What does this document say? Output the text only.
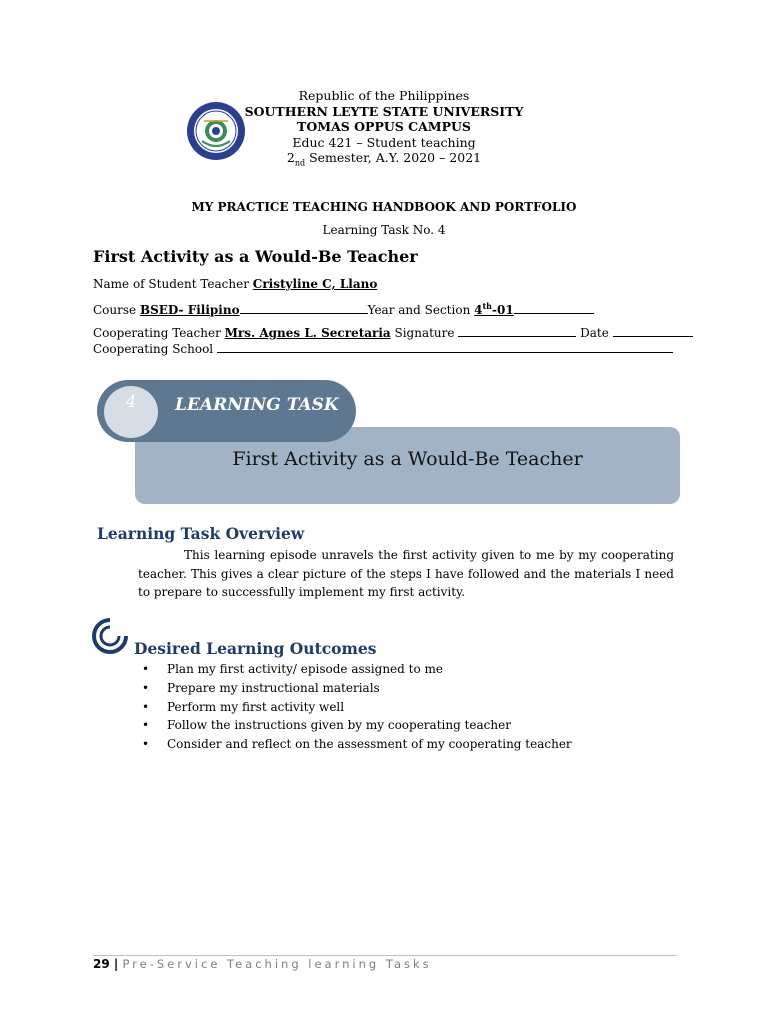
Republic of the Philippines
SOUTHERN LEYTE STATE UNIVERSITY
TOMAS OPPUS CAMPUS
Educ 421 – Student teaching
$2_{nd}$ Semester, A.Y. 2020 – 2021
MY PRACTICE TEACHING HANDBOOK AND PORTFOLIO
Learning Task No. 4
First Activity as a Would-Be Teacher
Name of Student Teacher Cristyline C, Llano
Course BSED- Filipino	Year and Section 4th-01
Cooperating Teacher Mrs. Agnes L. Secretaria Signature	Date
Cooperating School
First Activity as a Would-Be Teacher
4	LEARNING TASK
Learning Task Overview
This learning episode unravels the first activity given to me by my cooperating teacher. This gives a clear picture of the steps I have followed and the materials I need to prepare to successfully implement my first activity.
Desired Learning Outcomes
• Plan my first activity/ episode assigned to me
• Prepare my instructional materials
• Perform my first activity well
• Follow the instructions given by my cooperating teacher
• Consider and reflect on the assessment of my cooperating teacher
29 | Pre-Service Teaching learning Tasks
